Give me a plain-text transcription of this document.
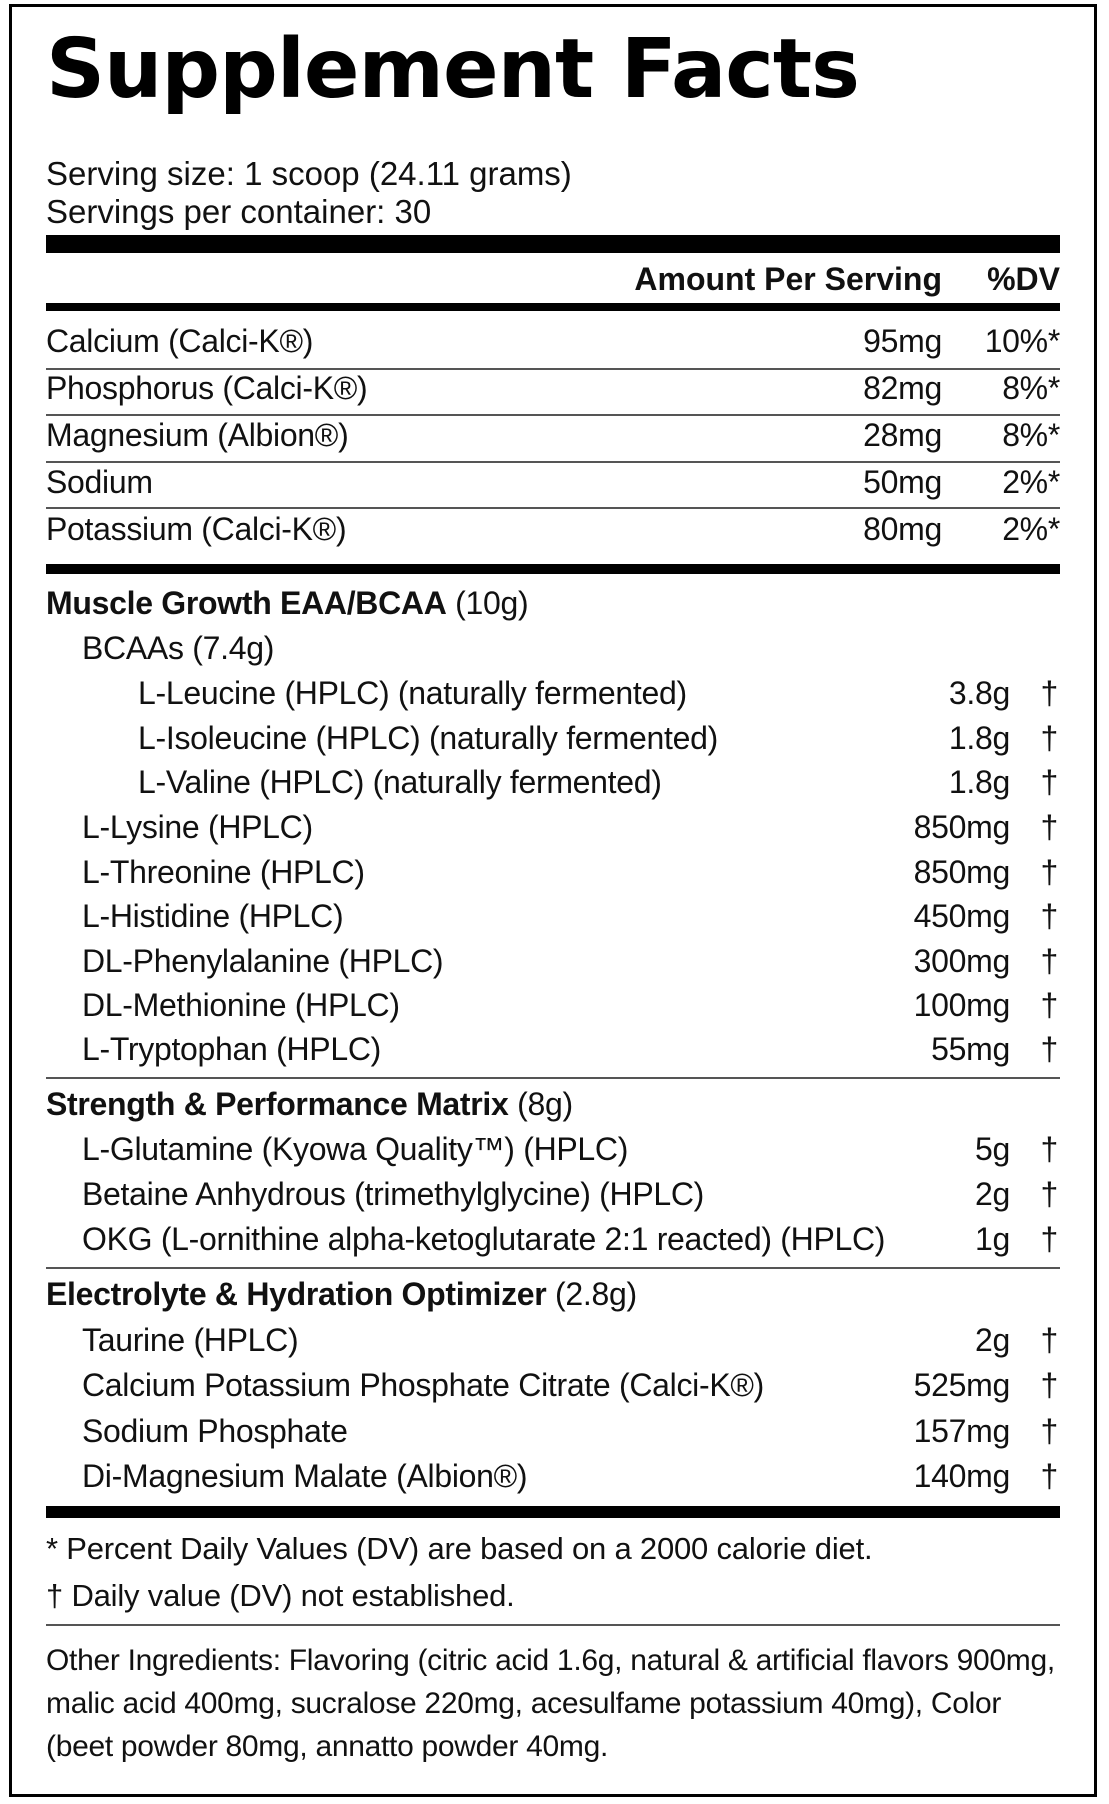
Supplement Facts
Serving size: 1 scoop (24.11 grams)
Servings per container: 30
Amount Per Serving %DV
Calcium (Calci-K®)	95mg 10%*
Phosphorus (Calci-K®)	82mg 8%*
Magnesium (Albion®)	28mg 8%*
Sodium	50mg 2%*
Potassium (Calci-K®)	80mg 2%*
Muscle Growth EAA/BCAA (10g)
BCAAs (7.4g)
L-Leucine (HPLC) (naturally fermented)	3.8g †
L-Isoleucine (HPLC) (naturally fermented)	1.8g †
L-Valine (HPLC) (naturally fermented)	1.8g †
L-Lysine (HPLC)	850mg †
L-Threonine (HPLC)	850mg †
L-Histidine (HPLC)	450mg †
DL-Phenylalanine (HPLC)	300mg †
DL-Methionine (HPLC)	100mg †
L-Tryptophan (HPLC)	55mg †
Strength & Performance Matrix (8g)
L-Glutamine (Kyowa Quality™) (HPLC)	5g †
Betaine Anhydrous (trimethylglycine) (HPLC)	2g †
OKG (L-ornithine alpha-ketoglutarate 2:1 reacted) (HPLC)	1g †
Electrolyte & Hydration Optimizer (2.8g)
Taurine (HPLC)	2g †
Calcium Potassium Phosphate Citrate (Calci-K®)	525mg †
Sodium Phosphate	157mg †
Di-Magnesium Malate (Albion®)	140mg †
* Percent Daily Values (DV) are based on a 2000 calorie diet.
† Daily value (DV) not established.
Other Ingredients: Flavoring (citric acid 1.6g, natural & artificial flavors 900mg, malic acid 400mg, sucralose 220mg, acesulfame potassium 40mg), Color (beet powder 80mg, annatto powder 40mg.
